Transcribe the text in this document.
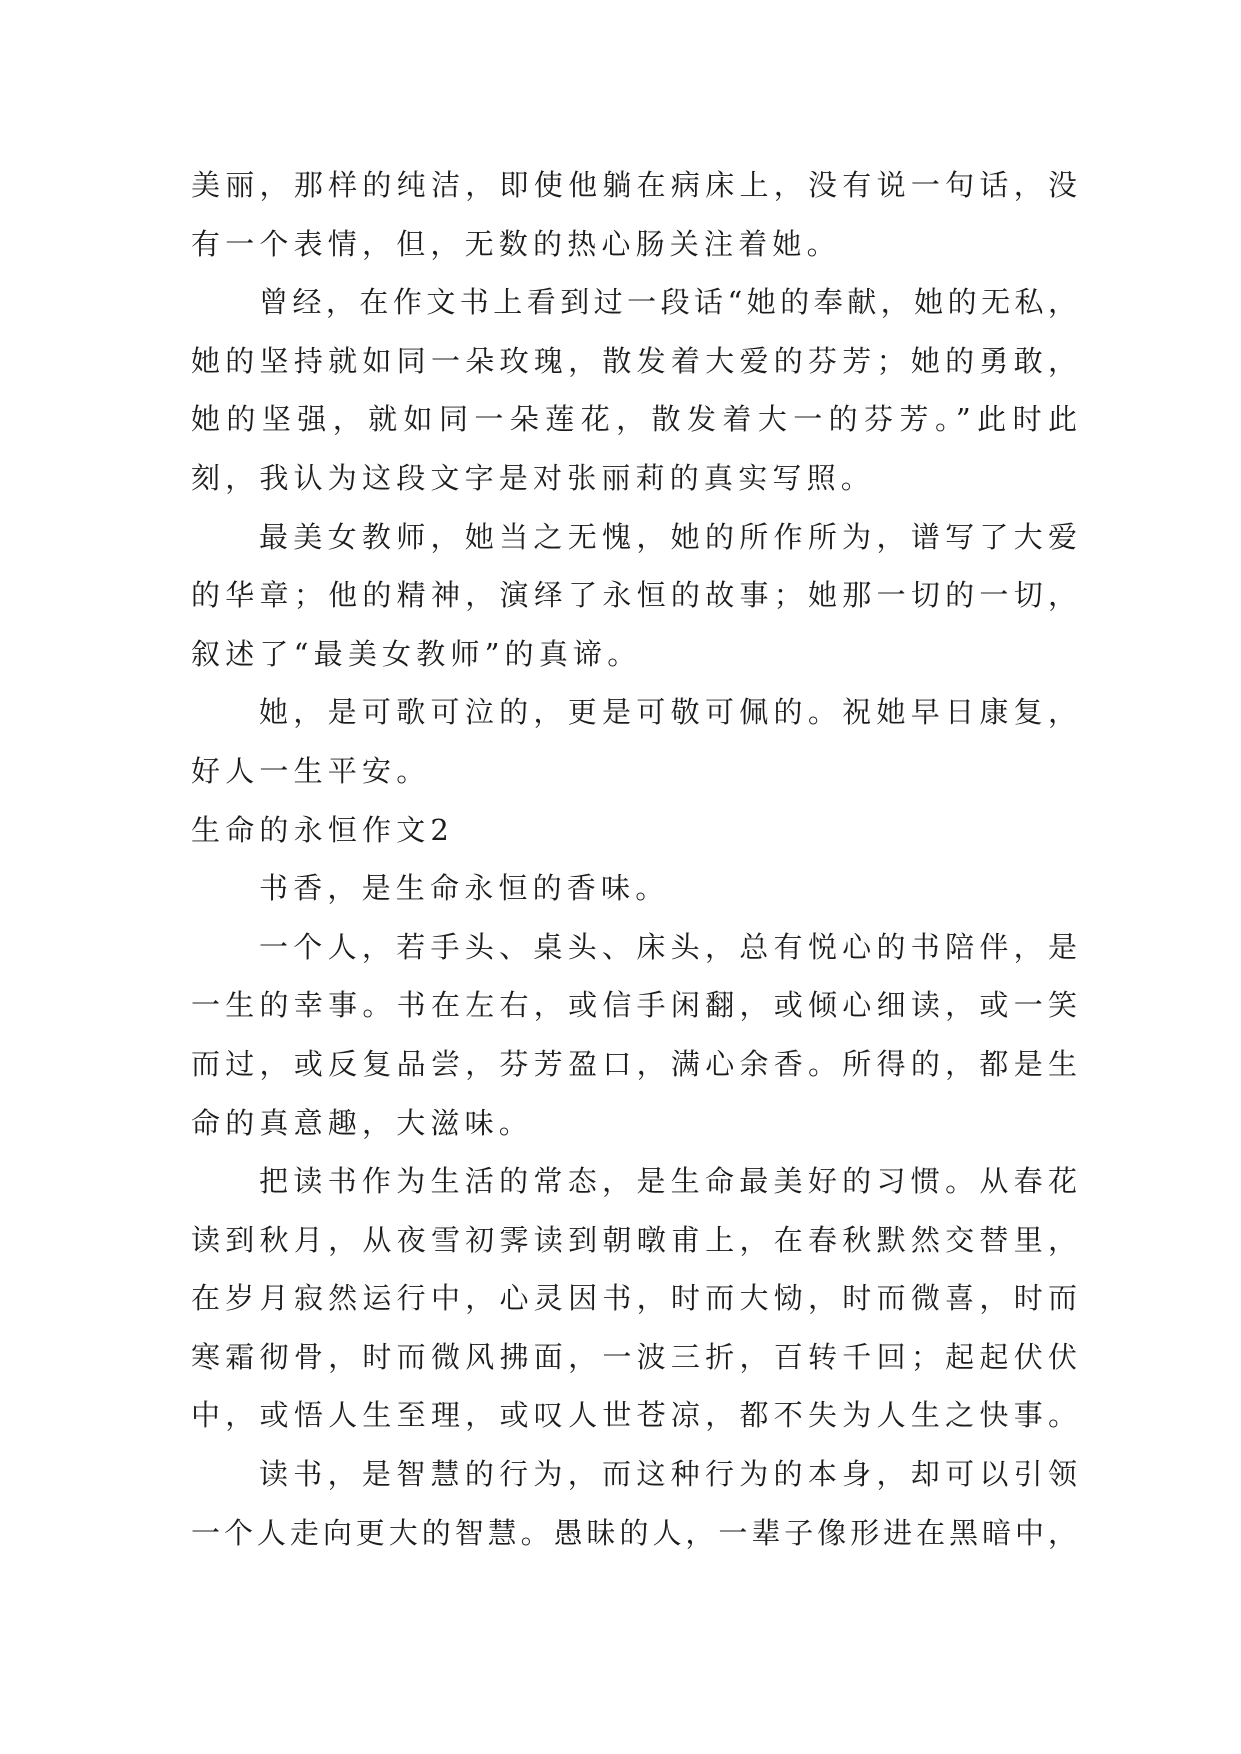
美丽，那样的纯洁，即使他躺在病床上，没有说一句话，没
有一个表情，但，无数的热心肠关注着她。
曾经，在作文书上看到过一段话“她的奉献，她的无私，
她的坚持就如同一朵玫瑰，散发着大爱的芬芳；她的勇敢，
她的坚强，就如同一朵莲花，散发着大一的芬芳。”此时此
刻，我认为这段文字是对张丽莉的真实写照。
最美女教师，她当之无愧，她的所作所为，谱写了大爱
的华章；他的精神，演绎了永恒的故事；她那一切的一切，
叙述了“最美女教师”的真谛。
她，是可歌可泣的，更是可敬可佩的。祝她早日康复，
好人一生平安。
生命的永恒作文2
书香，是生命永恒的香味。
一个人，若手头、桌头、床头，总有悦心的书陪伴，是
一生的幸事。书在左右，或信手闲翻，或倾心细读，或一笑
而过，或反复品尝，芬芳盈口，满心余香。所得的，都是生
命的真意趣，大滋味。
把读书作为生活的常态，是生命最美好的习惯。从春花
读到秋月，从夜雪初霁读到朝暾甫上，在春秋默然交替里，
在岁月寂然运行中，心灵因书，时而大恸，时而微喜，时而
寒霜彻骨，时而微风拂面，一波三折，百转千回；起起伏伏
中，或悟人生至理，或叹人世苍凉，都不失为人生之快事。
读书，是智慧的行为，而这种行为的本身，却可以引领
一个人走向更大的智慧。愚昧的人，一辈子像形进在黑暗中，
